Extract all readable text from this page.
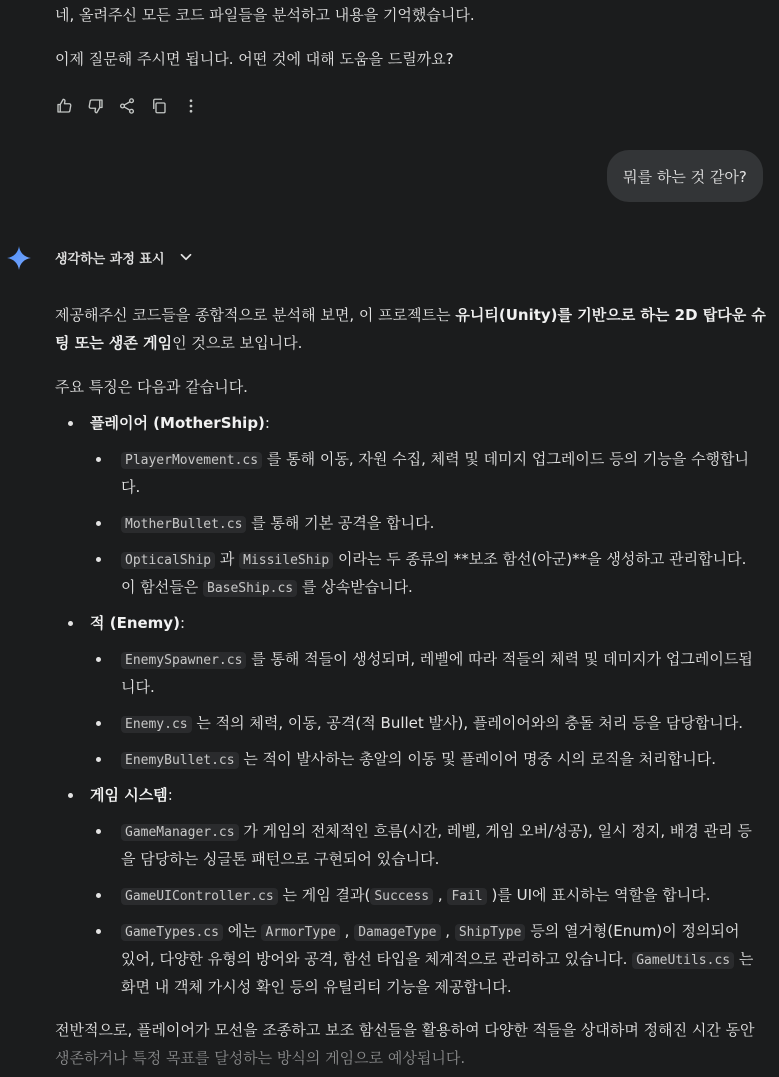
네, 올려주신 모든 코드 파일들을 분석하고 내용을 기억했습니다.
이제 질문해 주시면 됩니다. 어떤 것에 대해 도움을 드릴까요?
뭐를 하는 것 같아?
생각하는 과정 표시
제공해주신 코드들을 종합적으로 분석해 보면, 이 프로젝트는 유니티(Unity)를 기반으로 하는 2D 탑다운 슈
팅 또는 생존 게임인 것으로 보입니다.
주요 특징은 다음과 같습니다.
플레이어 (MotherShip):
PlayerMovement.cs 를 통해 이동, 자원 수집, 체력 및 데미지 업그레이드 등의 기능을 수행합니
다.
MotherBullet.cs 를 통해 기본 공격을 합니다.
OpticalShip 과 MissileShip 이라는 두 종류의 **보조 함선(아군)**을 생성하고 관리합니다.
이 함선들은 BaseShip.cs 를 상속받습니다.
적 (Enemy):
EnemySpawner.cs 를 통해 적들이 생성되며, 레벨에 따라 적들의 체력 및 데미지가 업그레이드됩
니다.
Enemy.cs 는 적의 체력, 이동, 공격(적 Bullet 발사), 플레이어와의 충돌 처리 등을 담당합니다.
EnemyBullet.cs 는 적이 발사하는 총알의 이동 및 플레이어 명중 시의 로직을 처리합니다.
게임 시스템:
GameManager.cs 가 게임의 전체적인 흐름(시간, 레벨, 게임 오버/성공), 일시 정지, 배경 관리 등
을 담당하는 싱글톤 패턴으로 구현되어 있습니다.
GameUIController.cs 는 게임 결과( Success , Fail )를 UI에 표시하는 역할을 합니다.
GameTypes.cs 에는 ArmorType , DamageType , ShipType 등의 열거형(Enum)이 정의되어
있어, 다양한 유형의 방어와 공격, 함선 타입을 체계적으로 관리하고 있습니다. GameUtils.cs 는
화면 내 객체 가시성 확인 등의 유틸리티 기능을 제공합니다.
전반적으로, 플레이어가 모선을 조종하고 보조 함선들을 활용하여 다양한 적들을 상대하며 정해진 시간 동안
생존하거나 특정 목표를 달성하는 방식의 게임으로 예상됩니다.
